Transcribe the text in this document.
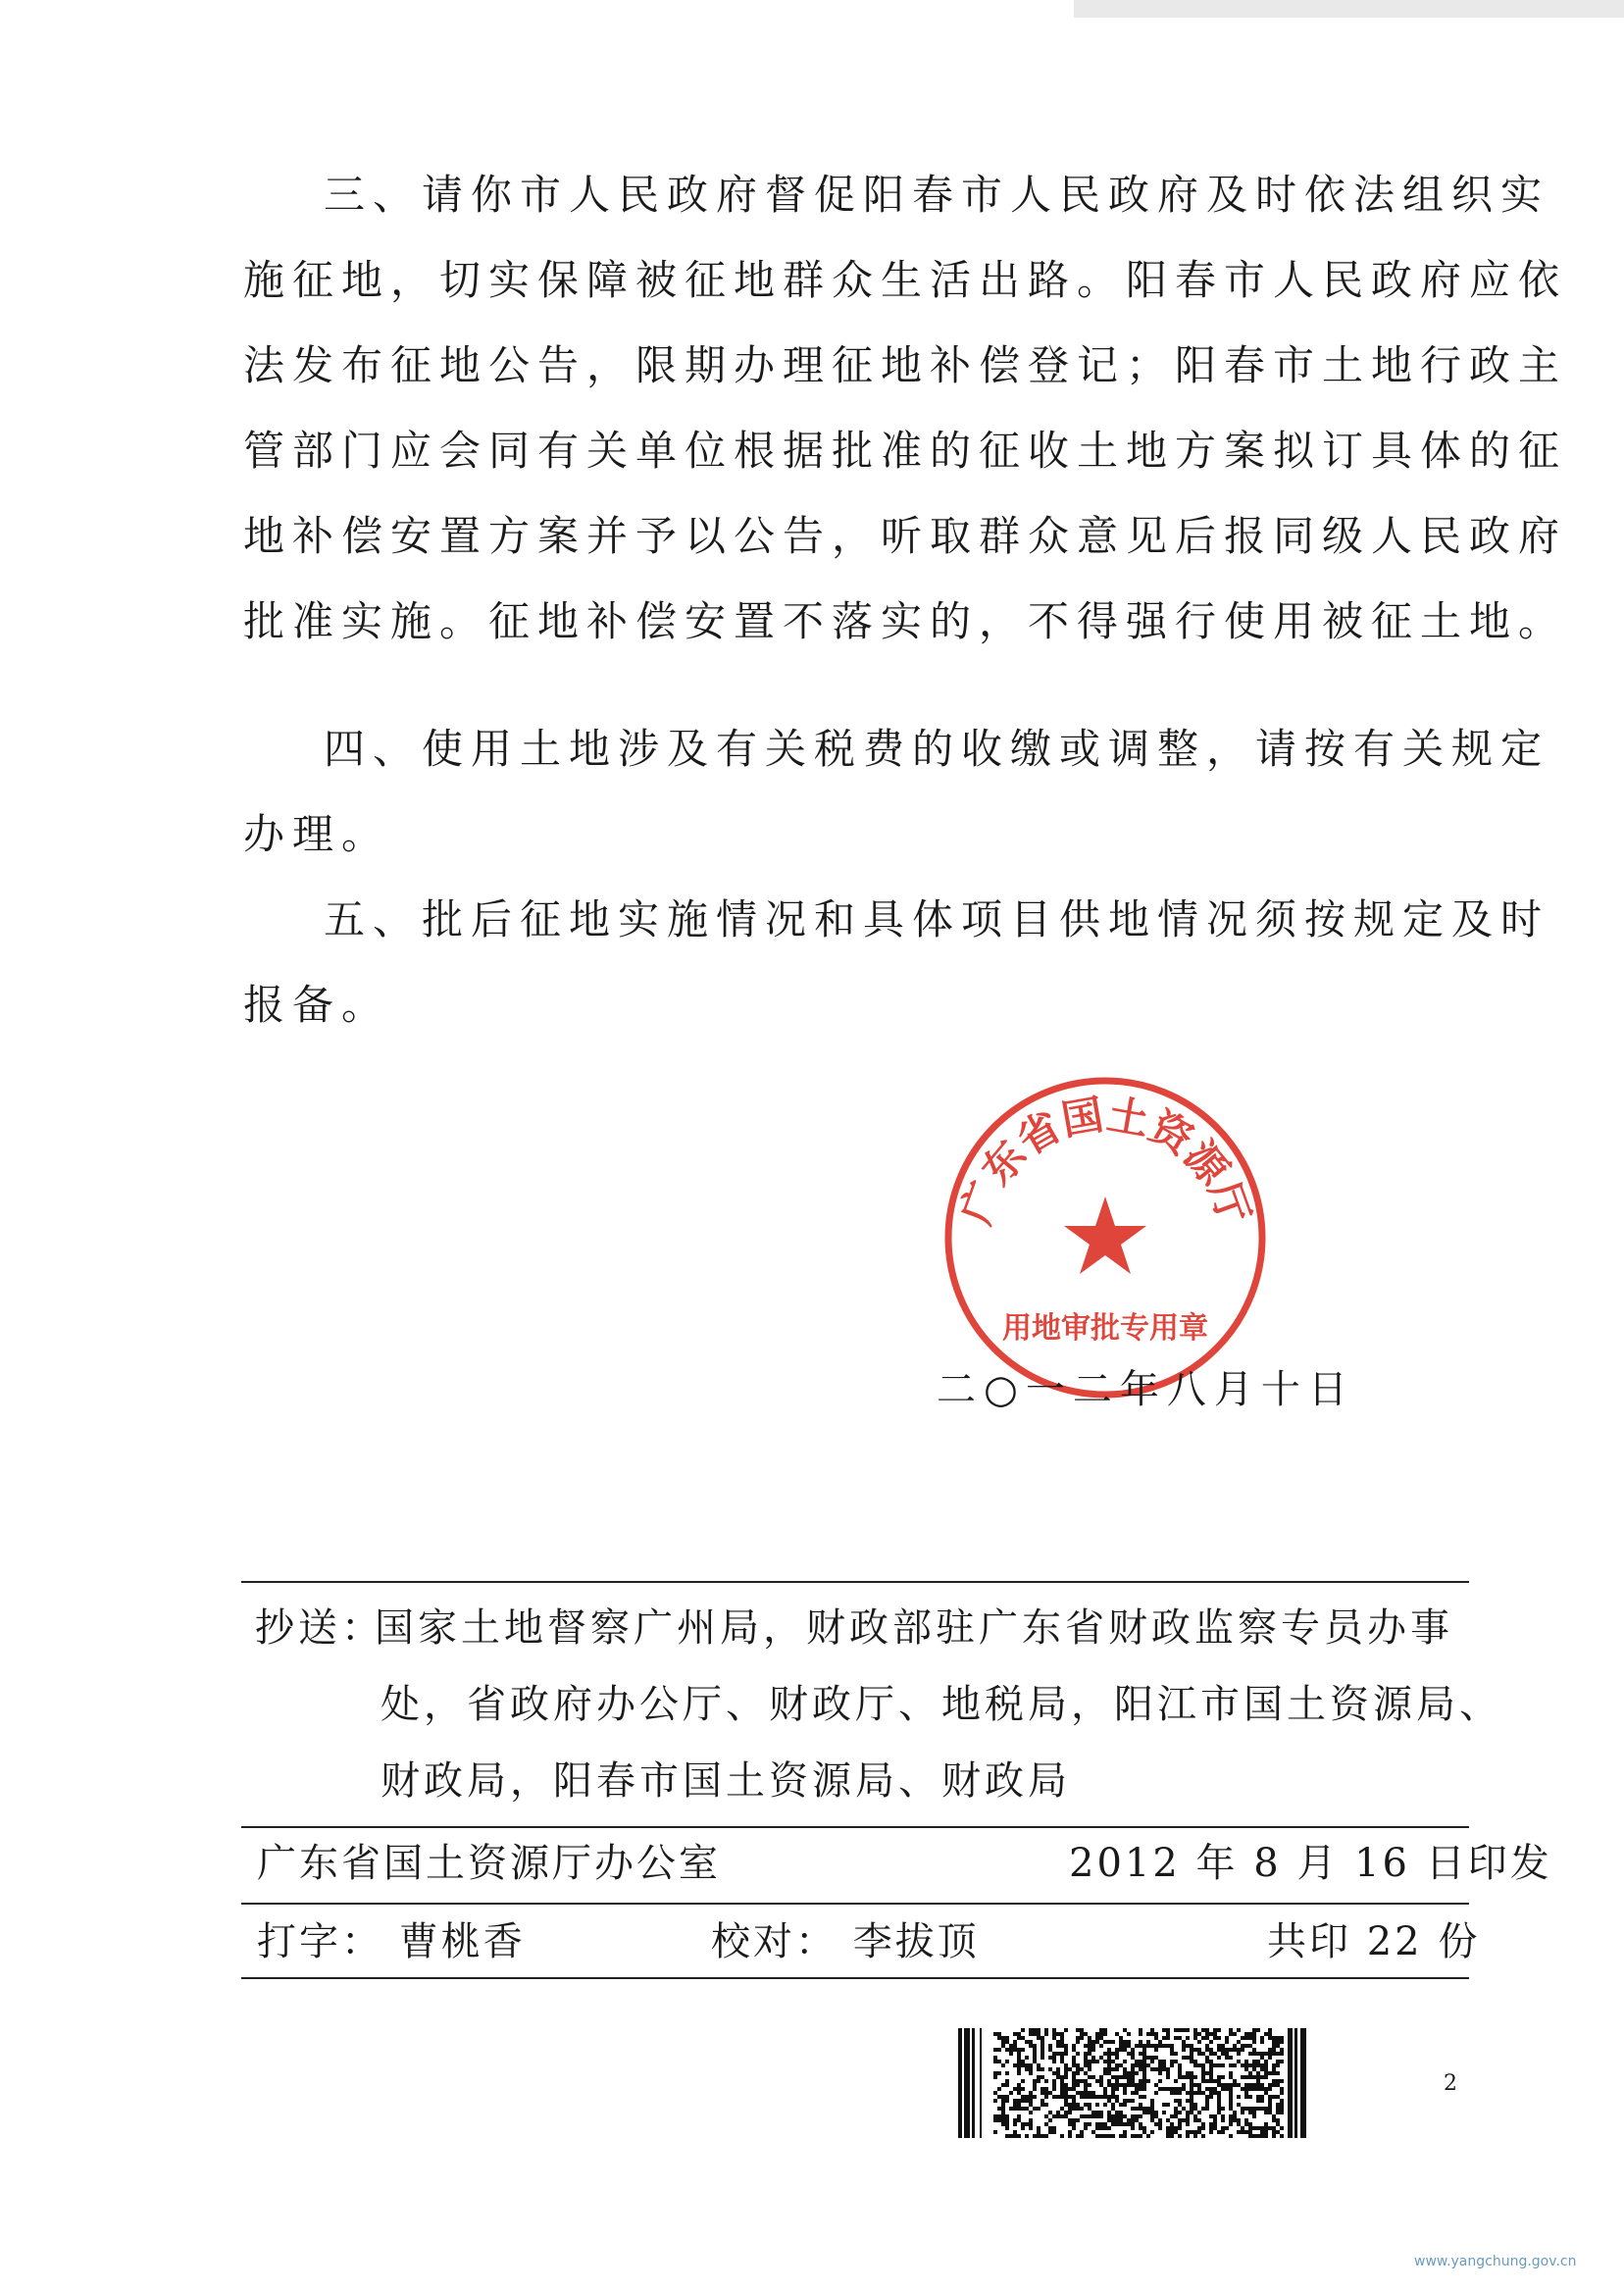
三、请你市人民政府督促阳春市人民政府及时依法组织实
施征地，切实保障被征地群众生活出路。阳春市人民政府应依
法发布征地公告，限期办理征地补偿登记；阳春市土地行政主
管部门应会同有关单位根据批准的征收土地方案拟订具体的征
地补偿安置方案并予以公告，听取群众意见后报同级人民政府
批准实施。征地补偿安置不落实的，不得强行使用被征土地。
四、使用土地涉及有关税费的收缴或调整，请按有关规定
办理。
五、批后征地实施情况和具体项目供地情况须按规定及时
报备。
广东省国土资源厅
用地审批专用章
二○一二年八月十日
抄送：
国家土地督察广州局，财政部驻广东省财政监察专员办事
处，省政府办公厅、财政厅、地税局，阳江市国土资源局、
财政局，阳春市国土资源局、财政局
广东省国土资源厅办公室	2012 年 8 月 16 日印发
打字： 曹桃香	校对： 李拔顶	共印 22 份
2
www.yangchung.gov.cn
